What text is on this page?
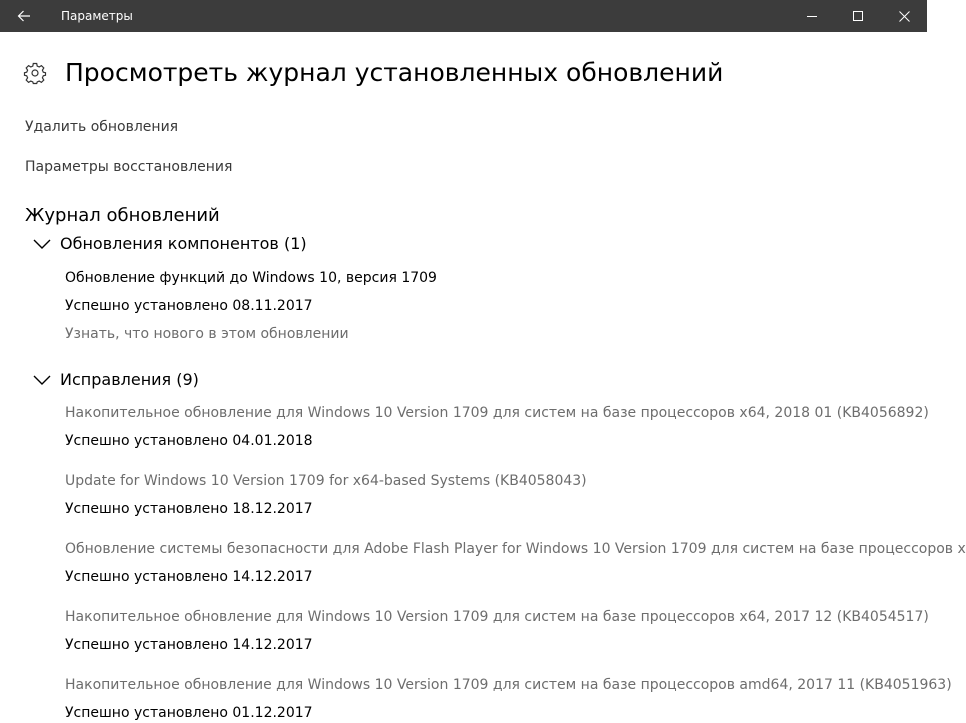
Параметры
Просмотреть журнал установленных обновлений
Удалить обновления
Параметры восстановления
Журнал обновлений
Обновления компонентов (1)
Обновление функций до Windows 10, версия 1709
Успешно установлено 08.11.2017
Узнать, что нового в этом обновлении
Исправления (9)
Накопительное обновление для Windows 10 Version 1709 для систем на базе процессоров x64, 2018 01 (KB4056892)
Успешно установлено 04.01.2018
Update for Windows 10 Version 1709 for x64-based Systems (KB4058043)
Успешно установлено 18.12.2017
Обновление системы безопасности для Adobe Flash Player for Windows 10 Version 1709 для систем на базе процессоров x
Успешно установлено 14.12.2017
Накопительное обновление для Windows 10 Version 1709 для систем на базе процессоров x64, 2017 12 (KB4054517)
Успешно установлено 14.12.2017
Накопительное обновление для Windows 10 Version 1709 для систем на базе процессоров amd64, 2017 11 (KB4051963)
Успешно установлено 01.12.2017
